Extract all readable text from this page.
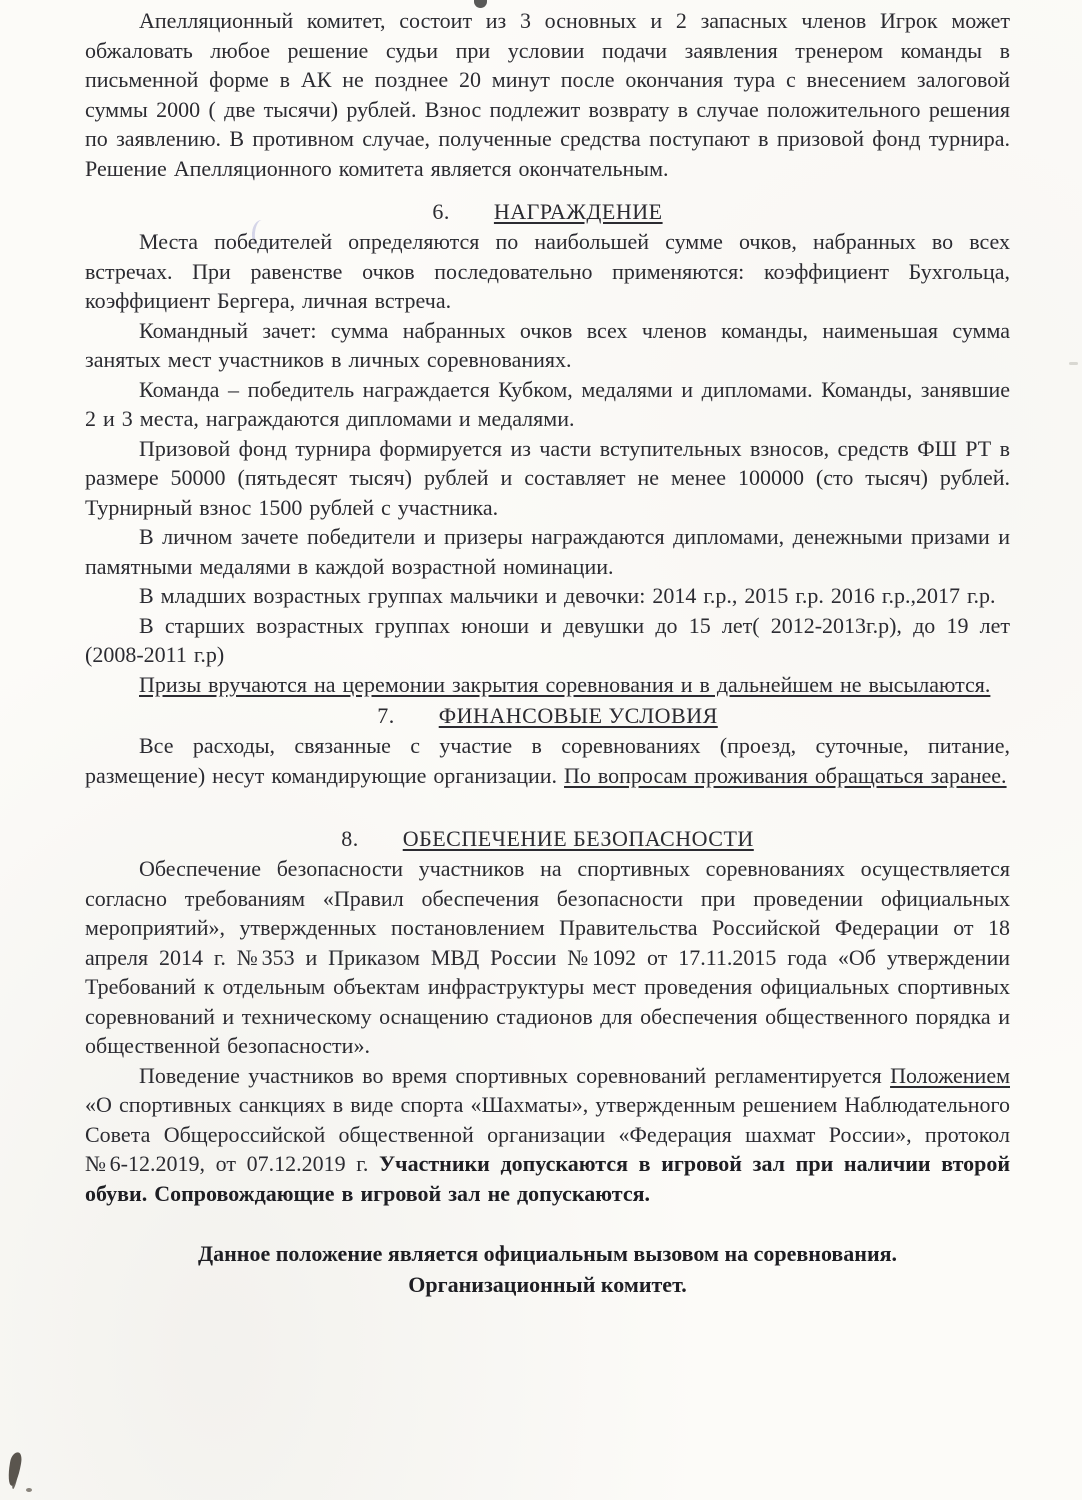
Апелляционный комитет, состоит из 3 основных и 2 запасных членов Игрок может обжаловать любое решение судьи при условии подачи заявления тренером команды в письменной форме в АК не позднее 20 минут после окончания тура с внесением залоговой суммы 2000 ( две тысячи) рублей. Взнос подлежит возврату в случае положительного решения по заявлению. В противном случае, полученные средства поступают в призовой фонд турнира. Решение Апелляционного комитета является окончательным.

6. НАГРАЖДЕНИЕ

Места победителей определяются по наибольшей сумме очков, набранных во всех встречах. При равенстве очков последовательно применяются: коэффициент Бухгольца, коэффициент Бергера, личная встреча.

Командный зачет: сумма набранных очков всех членов команды, наименьшая сумма занятых мест участников в личных соревнованиях.

Команда – победитель награждается Кубком, медалями и дипломами. Команды, занявшие 2 и 3 места, награждаются дипломами и медалями.

Призовой фонд турнира формируется из части вступительных взносов, средств ФШ РТ в размере 50000 (пятьдесят тысяч) рублей и составляет не менее 100000 (сто тысяч) рублей. Турнирный взнос 1500 рублей с участника.

В личном зачете победители и призеры награждаются дипломами, денежными призами и памятными медалями в каждой возрастной номинации.

В младших возрастных группах мальчики и девочки: 2014 г.р., 2015 г.р. 2016 г.р.,2017 г.р.

В старших возрастных группах юноши и девушки до 15 лет( 2012-2013г.р), до 19 лет (2008-2011 г.р)

Призы вручаются на церемонии закрытия соревнования и в дальнейшем не высылаются.

7. ФИНАНСОВЫЕ УСЛОВИЯ

Все расходы, связанные с участие в соревнованиях (проезд, суточные, питание, размещение) несут командирующие организации. По вопросам проживания обращаться заранее.

8. ОБЕСПЕЧЕНИЕ БЕЗОПАСНОСТИ

Обеспечение безопасности участников на спортивных соревнованиях осуществляется согласно требованиям «Правил обеспечения безопасности при проведении официальных мероприятий», утвержденных постановлением Правительства Российской Федерации от 18 апреля 2014 г. №353 и Приказом МВД России №1092 от 17.11.2015 года «Об утверждении Требований к отдельным объектам инфраструктуры мест проведения официальных спортивных соревнований и техническому оснащению стадионов для обеспечения общественного порядка и общественной безопасности».

Поведение участников во время спортивных соревнований регламентируется Положением «О спортивных санкциях в виде спорта «Шахматы», утвержденным решением Наблюдательного Совета Общероссийской общественной организации «Федерация шахмат России», протокол №6-12.2019, от 07.12.2019 г. Участники допускаются в игровой зал при наличии второй обуви. Сопровождающие в игровой зал не допускаются.

Данное положение является официальным вызовом на соревнования.

Организационный комитет.
